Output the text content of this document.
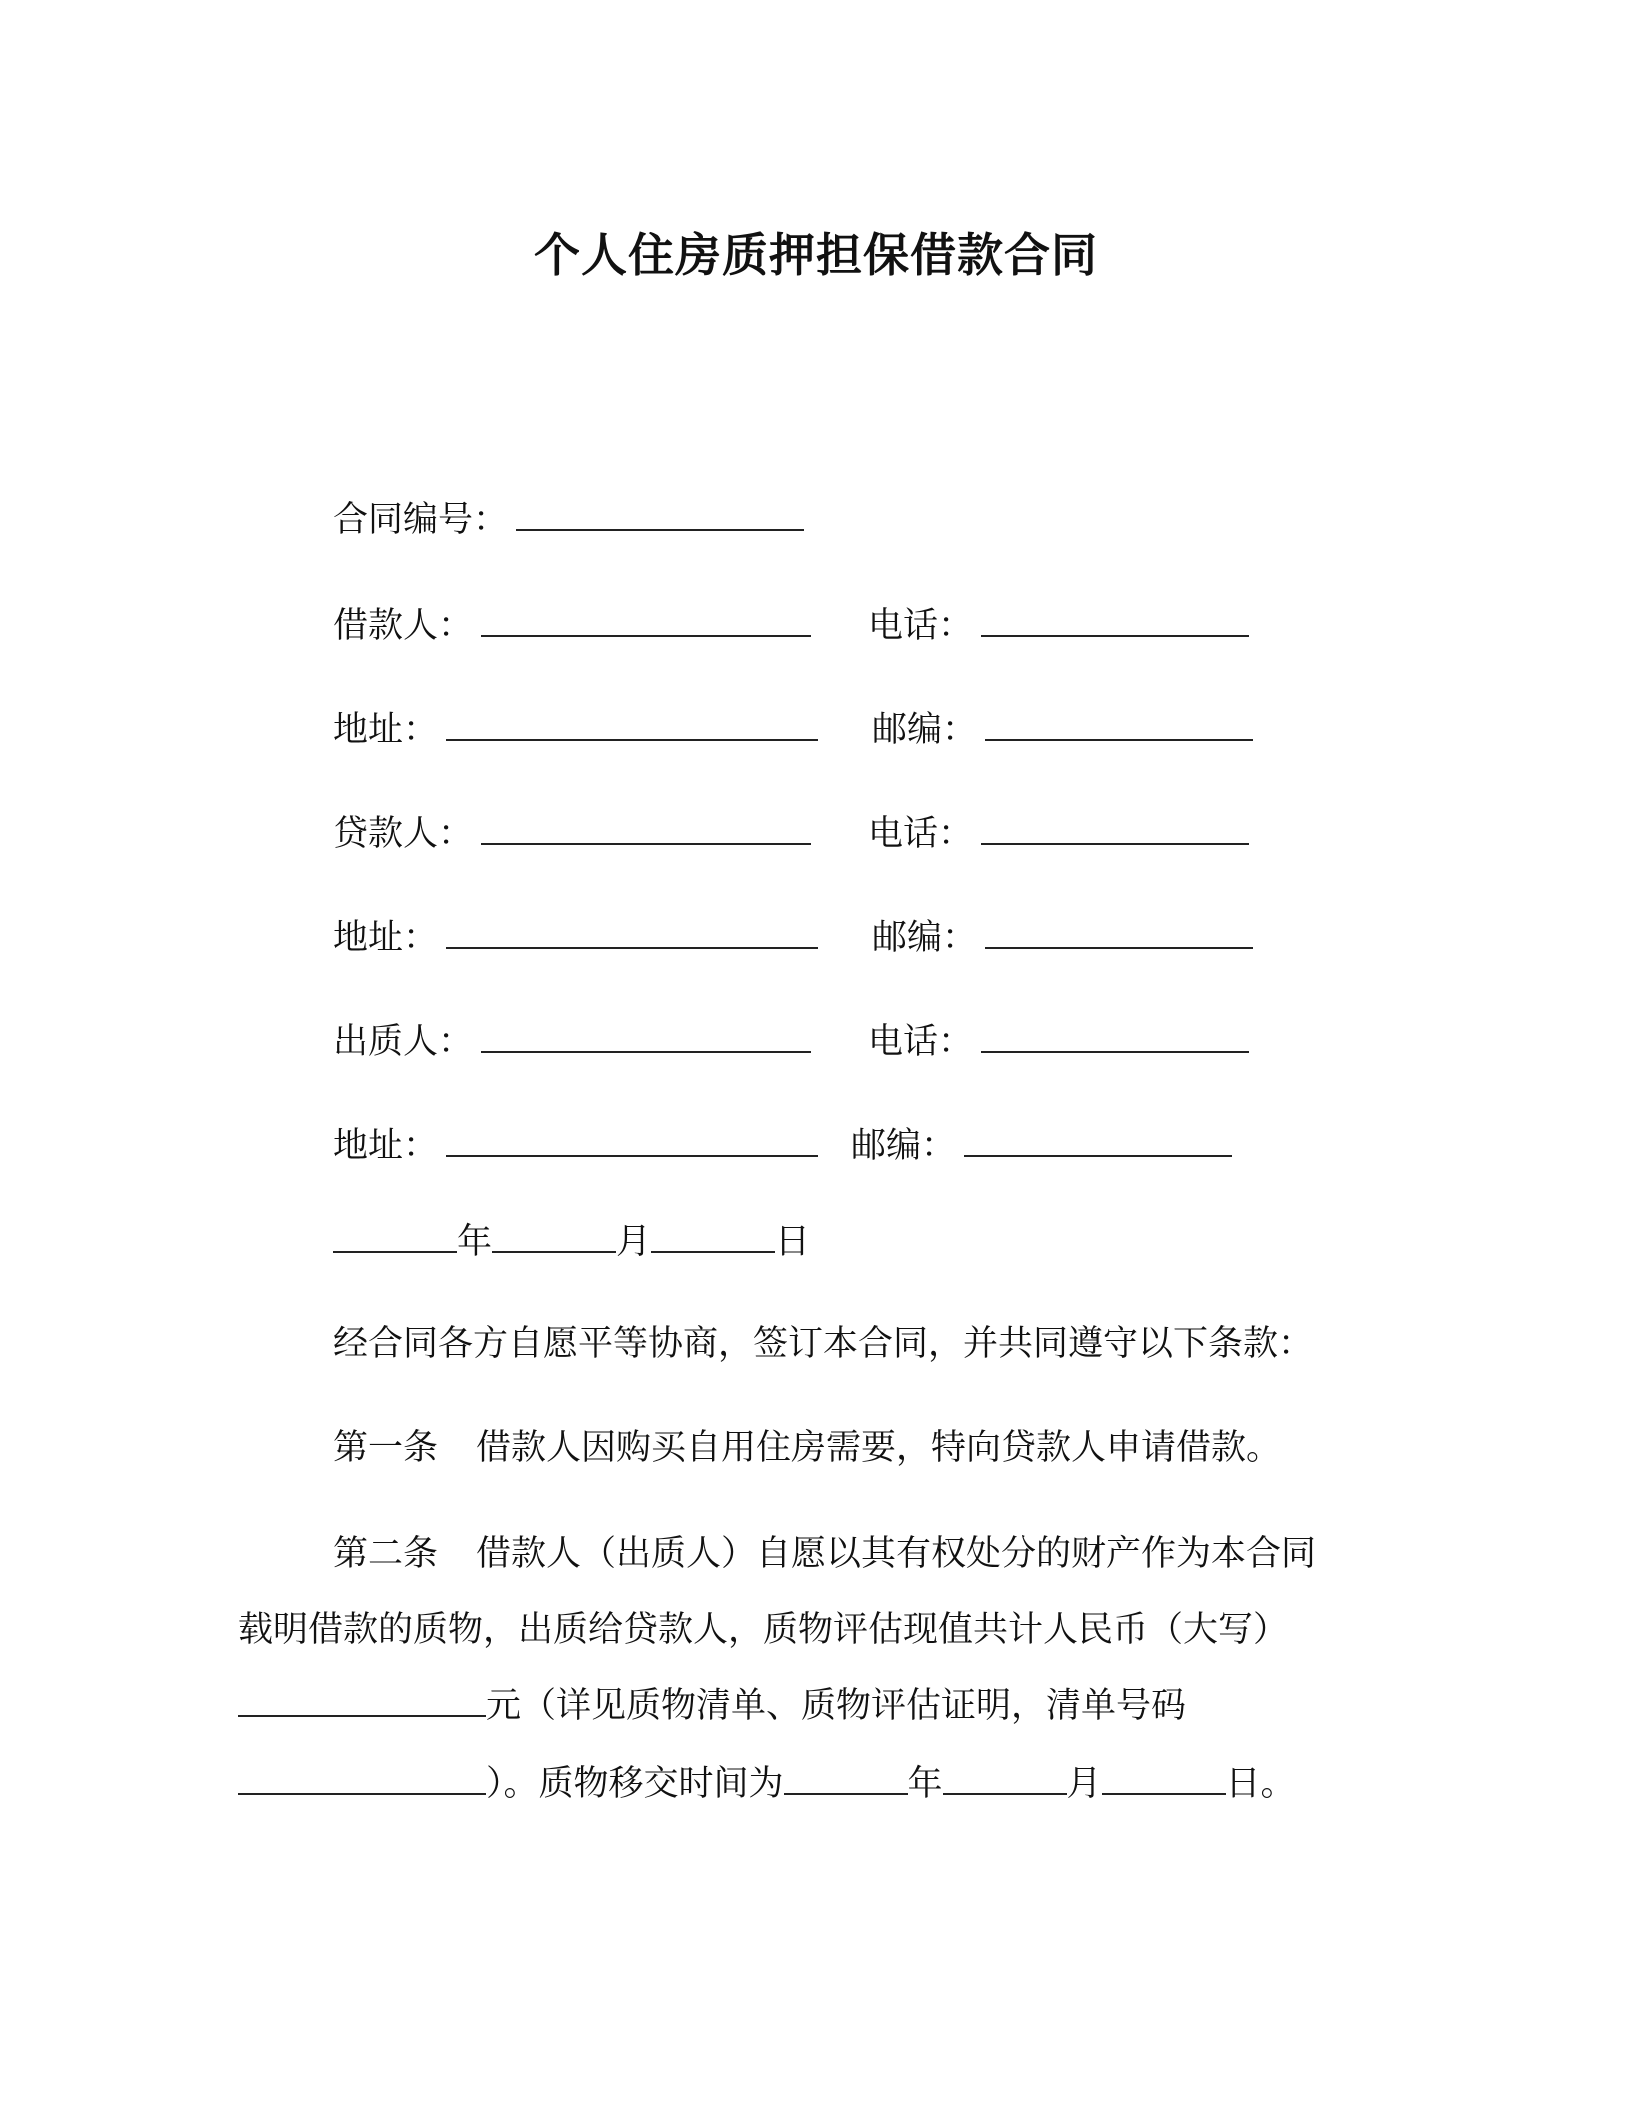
个人住房质押担保借款合同
合同编号：
借款人：	电话：
地址：	邮编：
贷款人：	电话：
地址：	邮编：
出质人：	电话：
地址：	邮编：
年	月	日
经合同各方自愿平等协商，签订本合同，并共同遵守以下条款：
第一条 借款人因购买自用住房需要，特向贷款人申请借款。
第二条 借款人（出质人）自愿以其有权处分的财产作为本合同
载明借款的质物，出质给贷款人，质物评估现值共计人民币（大写）
元（详见质物清单、质物评估证明，清单号码
）。质物移交时间为	年	月	日。
